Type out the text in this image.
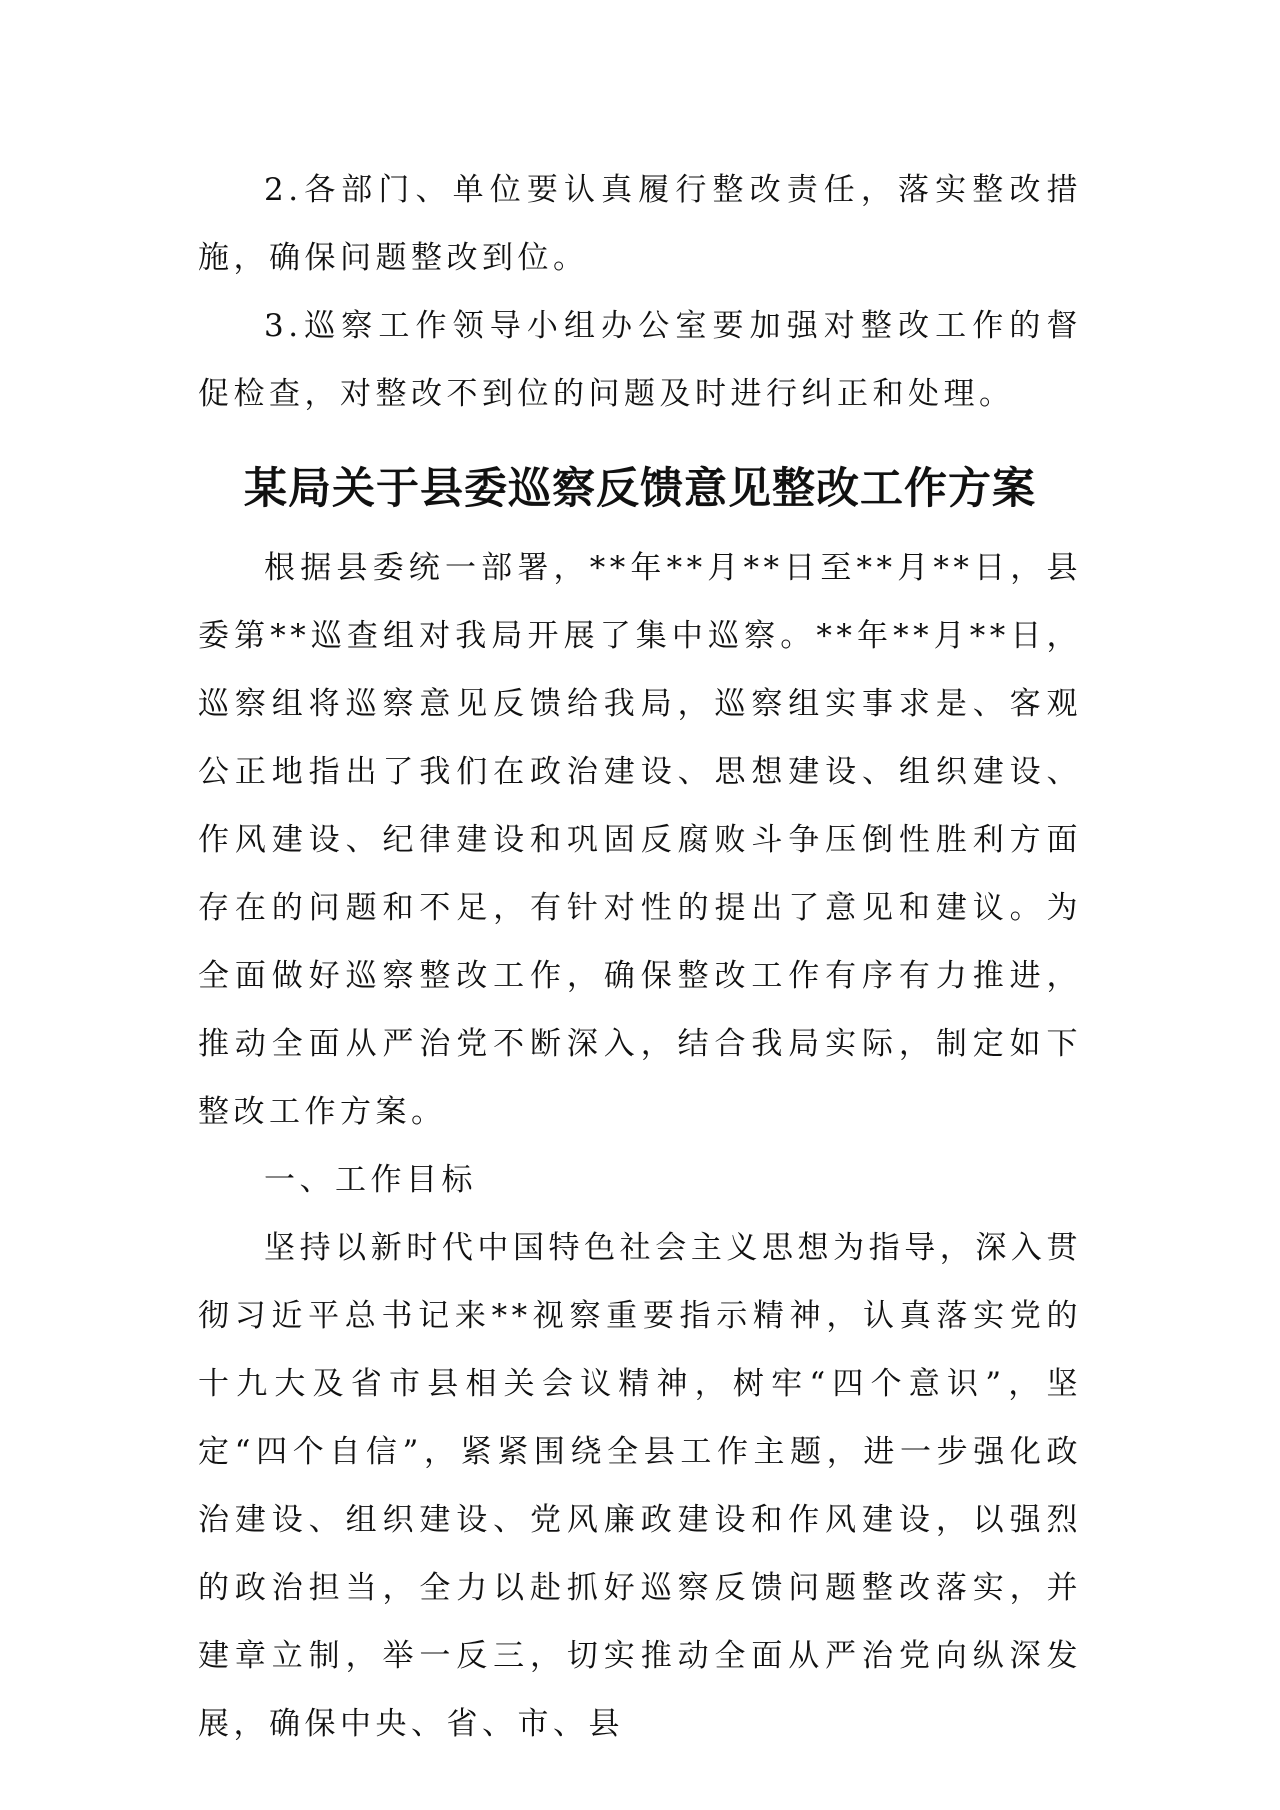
2.各部门、单位要认真履行整改责任，落实整改措施，确保问题整改到位。

3.巡察工作领导小组办公室要加强对整改工作的督促检查，对整改不到位的问题及时进行纠正和处理。

某局关于县委巡察反馈意见整改工作方案

根据县委统一部署，**年**月**日至**月**日，县委第**巡查组对我局开展了集中巡察。**年**月**日，巡察组将巡察意见反馈给我局，巡察组实事求是、客观公正地指出了我们在政治建设、思想建设、组织建设、作风建设、纪律建设和巩固反腐败斗争压倒性胜利方面存在的问题和不足，有针对性的提出了意见和建议。为全面做好巡察整改工作，确保整改工作有序有力推进，推动全面从严治党不断深入，结合我局实际，制定如下整改工作方案。

一、工作目标

坚持以新时代中国特色社会主义思想为指导，深入贯彻习近平总书记来**视察重要指示精神，认真落实党的十九大及省市县相关会议精神，树牢“四个意识”，坚定“四个自信”，紧紧围绕全县工作主题，进一步强化政治建设、组织建设、党风廉政建设和作风建设，以强烈的政治担当，全力以赴抓好巡察反馈问题整改落实，并建章立制，举一反三，切实推动全面从严治党向纵深发展，确保中央、省、市、县
